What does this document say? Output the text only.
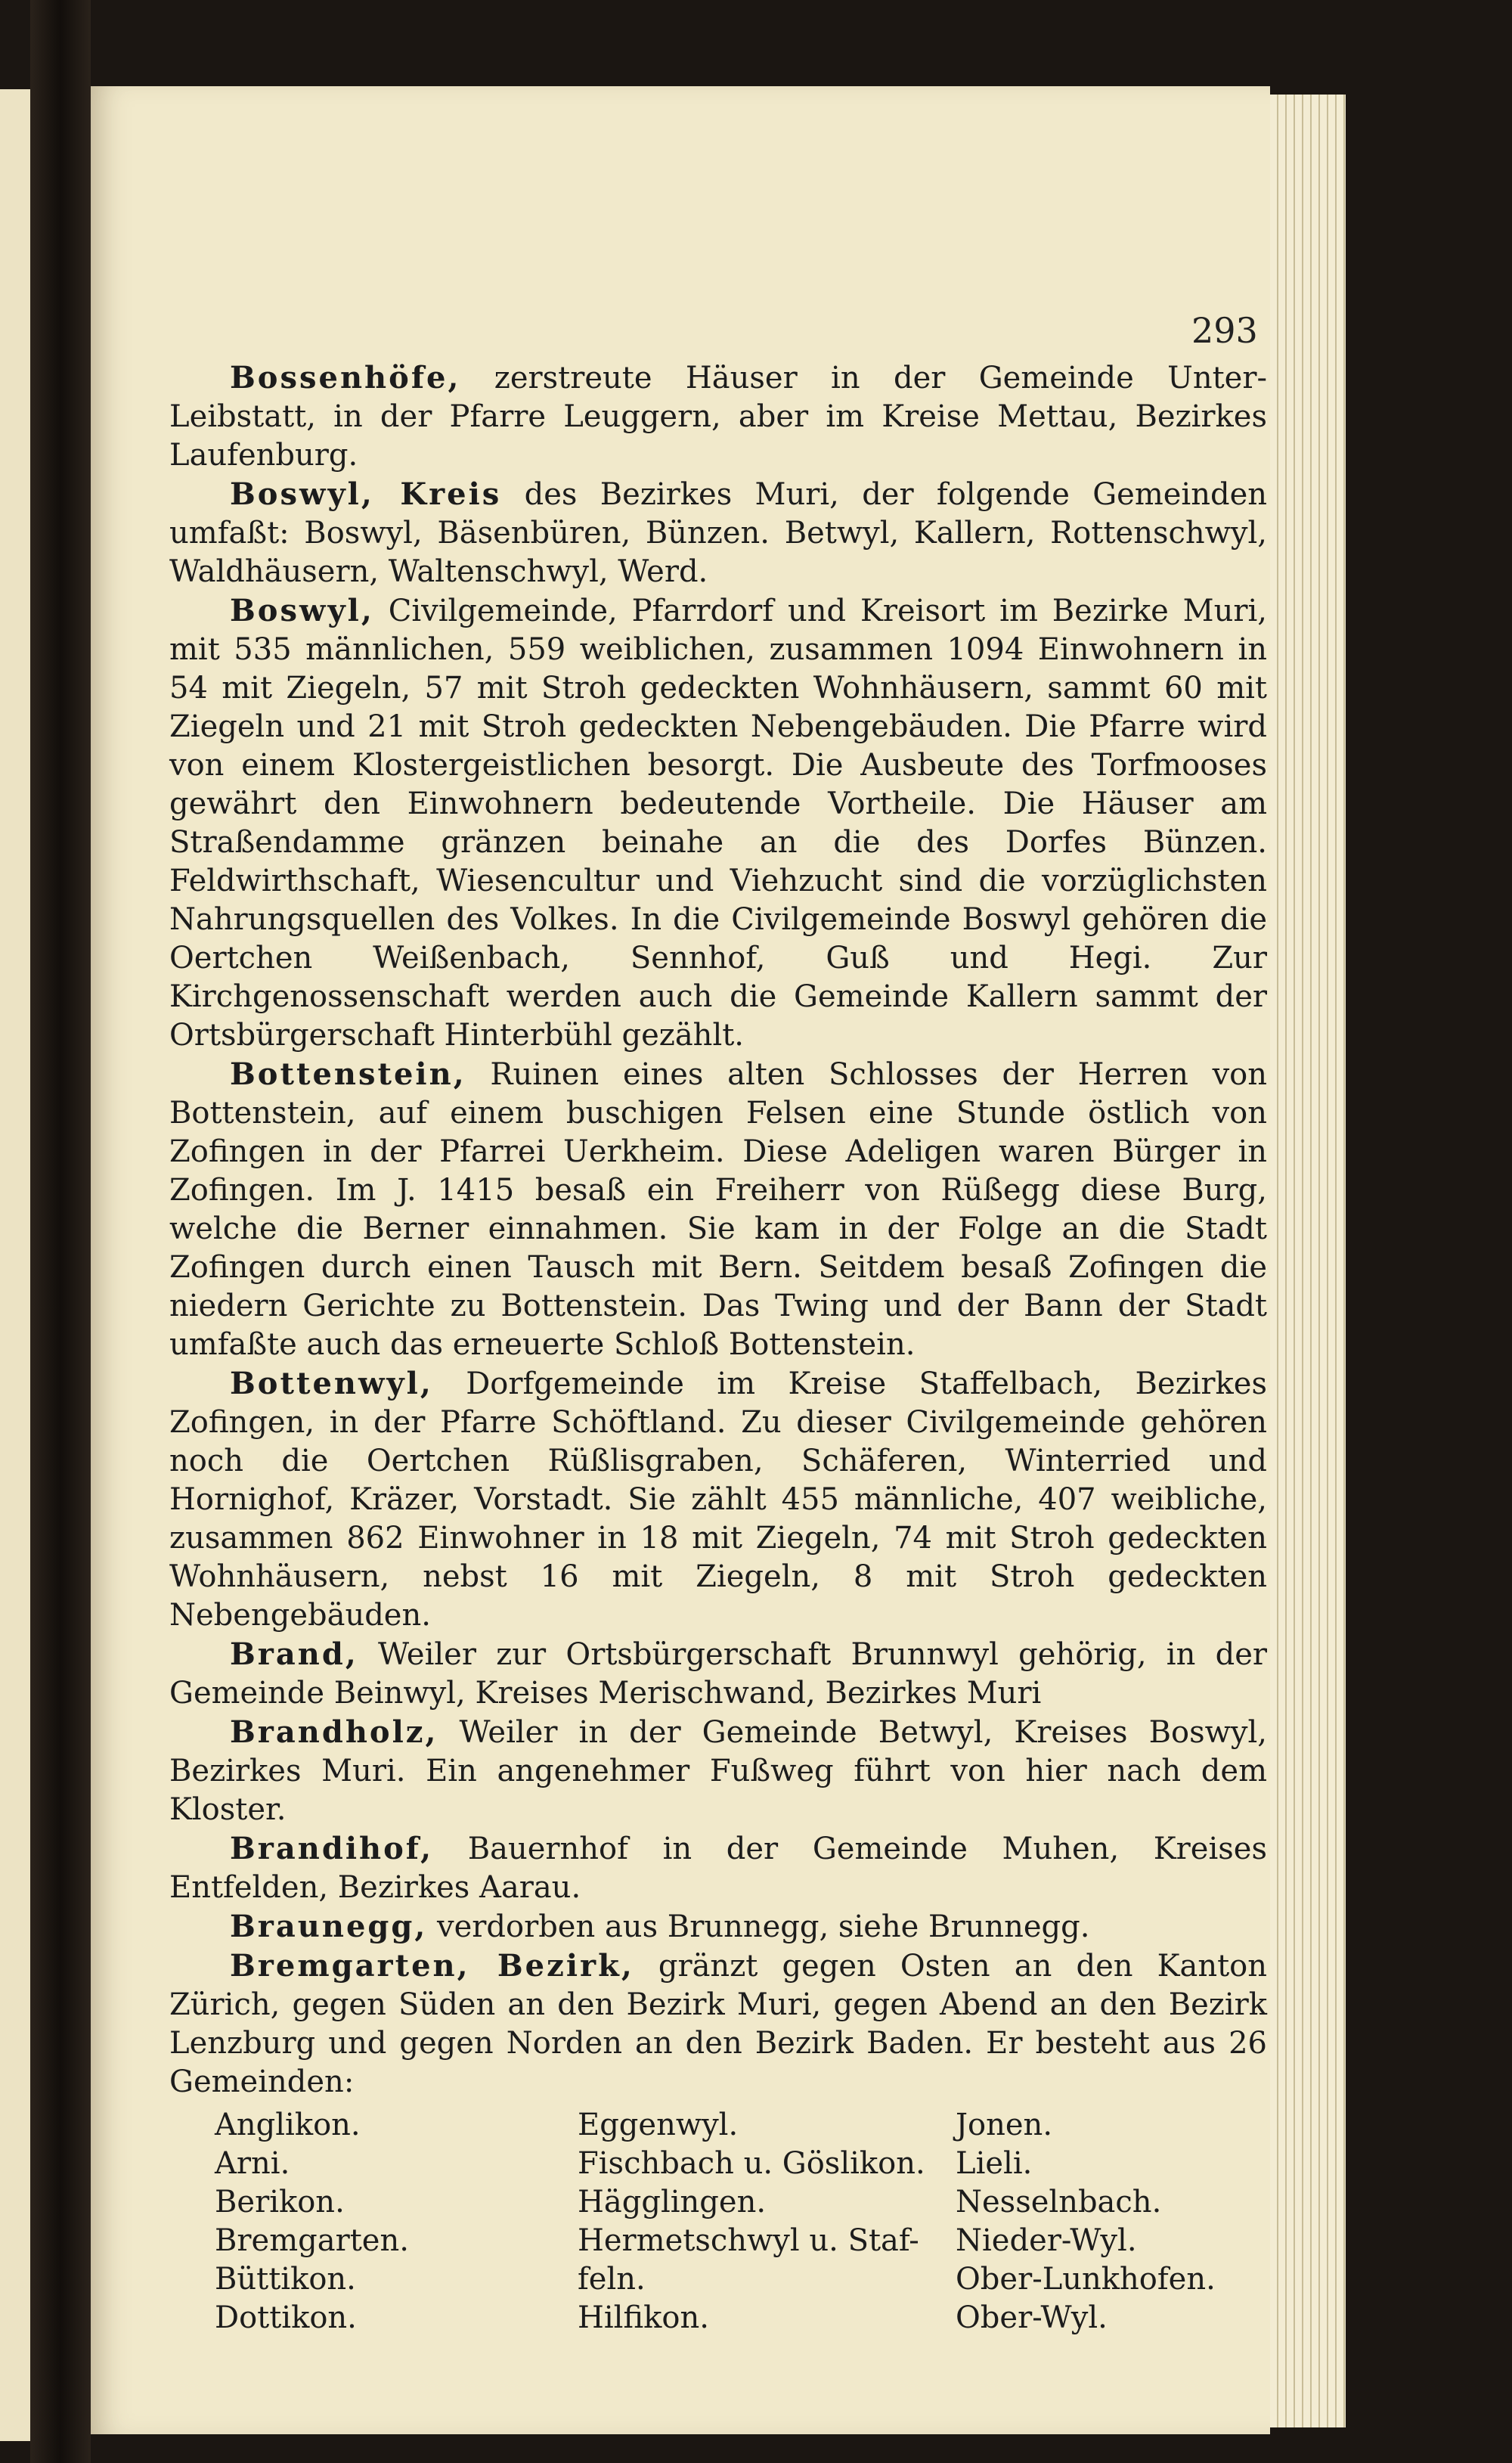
293

Bossenhöfe, zerstreute Häuser in der Gemeinde Unter-Leibstatt, in der Pfarre Leuggern, aber im Kreise Mettau, Bezirkes Laufenburg.

Boswyl, Kreis des Bezirkes Muri, der folgende Gemeinden umfaßt: Boswyl, Bäsenbüren, Bünzen. Betwyl, Kallern, Rottenschwyl, Waldhäusern, Waltenschwyl, Werd.

Boswyl, Civilgemeinde, Pfarrdorf und Kreisort im Bezirke Muri, mit 535 männlichen, 559 weiblichen, zusammen 1094 Einwohnern in 54 mit Ziegeln, 57 mit Stroh gedeckten Wohnhäusern, sammt 60 mit Ziegeln und 21 mit Stroh gedeckten Nebengebäuden. Die Pfarre wird von einem Klostergeistlichen besorgt. Die Ausbeute des Torfmooses gewährt den Einwohnern bedeutende Vortheile. Die Häuser am Straßendamme gränzen beinahe an die des Dorfes Bünzen. Feldwirthschaft, Wiesencultur und Viehzucht sind die vorzüglichsten Nahrungsquellen des Volkes. In die Civilgemeinde Boswyl gehören die Oertchen Weißenbach, Sennhof, Guß und Hegi. Zur Kirchgenossenschaft werden auch die Gemeinde Kallern sammt der Ortsbürgerschaft Hinterbühl gezählt.

Bottenstein, Ruinen eines alten Schlosses der Herren von Bottenstein, auf einem buschigen Felsen eine Stunde östlich von Zofingen in der Pfarrei Uerkheim. Diese Adeligen waren Bürger in Zofingen. Im J. 1415 besaß ein Freiherr von Rüßegg diese Burg, welche die Berner einnahmen. Sie kam in der Folge an die Stadt Zofingen durch einen Tausch mit Bern. Seitdem besaß Zofingen die niedern Gerichte zu Bottenstein. Das Twing und der Bann der Stadt umfaßte auch das erneuerte Schloß Bottenstein.

Bottenwyl, Dorfgemeinde im Kreise Staffelbach, Bezirkes Zofingen, in der Pfarre Schöftland. Zu dieser Civilgemeinde gehören noch die Oertchen Rüßlisgraben, Schäferen, Winterried und Hornighof, Kräzer, Vorstadt. Sie zählt 455 männliche, 407 weibliche, zusammen 862 Einwohner in 18 mit Ziegeln, 74 mit Stroh gedeckten Wohnhäusern, nebst 16 mit Ziegeln, 8 mit Stroh gedeckten Nebengebäuden.

Brand, Weiler zur Ortsbürgerschaft Brunnwyl gehörig, in der Gemeinde Beinwyl, Kreises Merischwand, Bezirkes Muri

Brandholz, Weiler in der Gemeinde Betwyl, Kreises Boswyl, Bezirkes Muri. Ein angenehmer Fußweg führt von hier nach dem Kloster.

Brandihof, Bauernhof in der Gemeinde Muhen, Kreises Entfelden, Bezirkes Aarau.

Braunegg, verdorben aus Brunnegg, siehe Brunnegg.

Bremgarten, Bezirk, gränzt gegen Osten an den Kanton Zürich, gegen Süden an den Bezirk Muri, gegen Abend an den Bezirk Lenzburg und gegen Norden an den Bezirk Baden. Er besteht aus 26 Gemeinden:

Anglikon.	Eggenwyl.	Jonen.
Arni.	Fischbach u. Göslikon.	Lieli.
Berikon.	Hägglingen.	Nesselnbach.
Bremgarten.	Hermetschwyl u. Staf-	Nieder-Wyl.
Büttikon.	feln.	Ober-Lunkhofen.
Dottikon.	Hilfikon.	Ober-Wyl.
